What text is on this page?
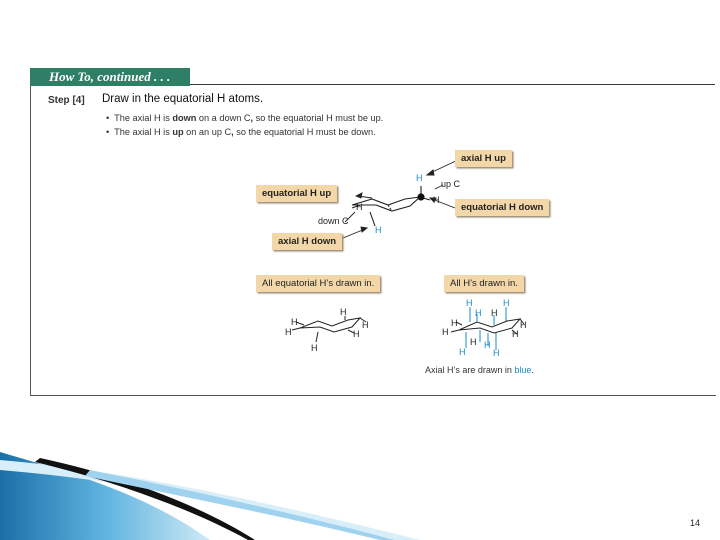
How To, continued . . .
Step [4] Draw in the equatorial H atoms.
•  The axial H is down on a down C, so the equatorial H must be up.
•  The axial H is up on an up C, so the equatorial H must be down.
axial H up
equatorial H up
equatorial H down
axial H down
All equatorial H’s drawn in.	All H’s drawn in.
H
up C
H
H
down C
H
H
H	H
H	H
H
H	H
H H
H	H
H	H
H H
H	H
Axial H’s are drawn in blue.
14
